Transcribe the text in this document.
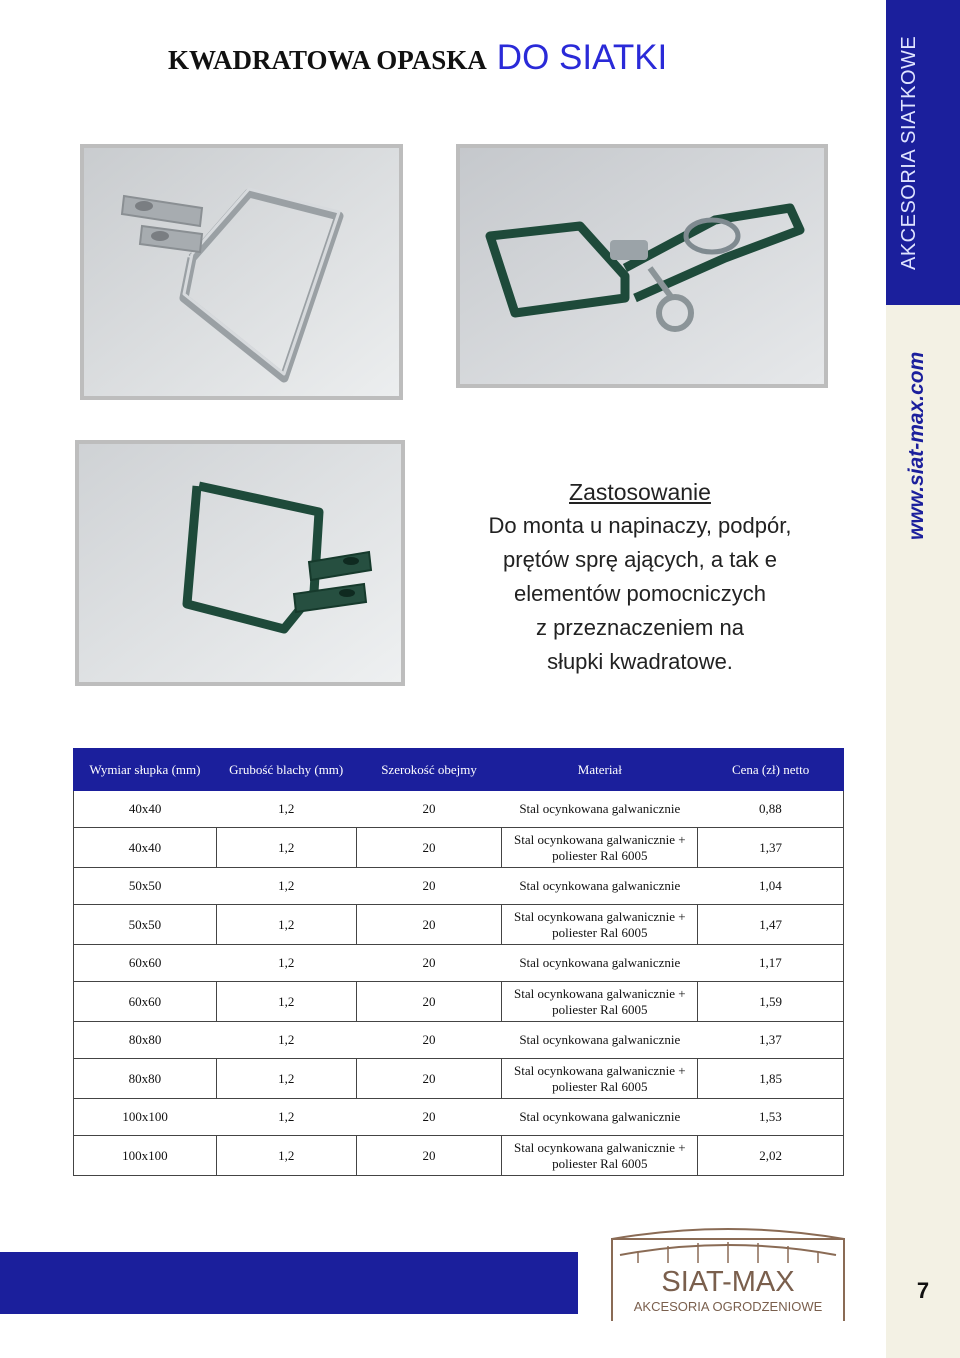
KWADRATOWA OPASKA DO SIATKI	AKCESORIA SIATKOWE
www.siat-max.com
7
Zastosowanie
Do monta u napinaczy, podpór,
prętów sprę ających, a tak e
elementów pomocniczych
z przeznaczeniem na
słupki kwadratowe.
Wymiar słupka (mm)	Grubość blachy (mm)	Szerokość obejmy	Materiał	Cena (zł) netto
40x40	1,2	20	Stal ocynkowana galwanicznie	0,88
40x40	1,2	20	Stal ocynkowana galwanicznie +
poliester Ral 6005	1,37
50x50	1,2	20	Stal ocynkowana galwanicznie	1,04
50x50	1,2	20	Stal ocynkowana galwanicznie +
poliester Ral 6005	1,47
60x60	1,2	20	Stal ocynkowana galwanicznie	1,17
60x60	1,2	20	Stal ocynkowana galwanicznie +
poliester Ral 6005	1,59
80x80	1,2	20	Stal ocynkowana galwanicznie	1,37
80x80	1,2	20	Stal ocynkowana galwanicznie +
poliester Ral 6005	1,85
100x100	1,2	20	Stal ocynkowana galwanicznie	1,53
100x100	1,2	20	Stal ocynkowana galwanicznie +
poliester Ral 6005	2,02
SIAT-MAX
AKCESORIA OGRODZENIOWE
